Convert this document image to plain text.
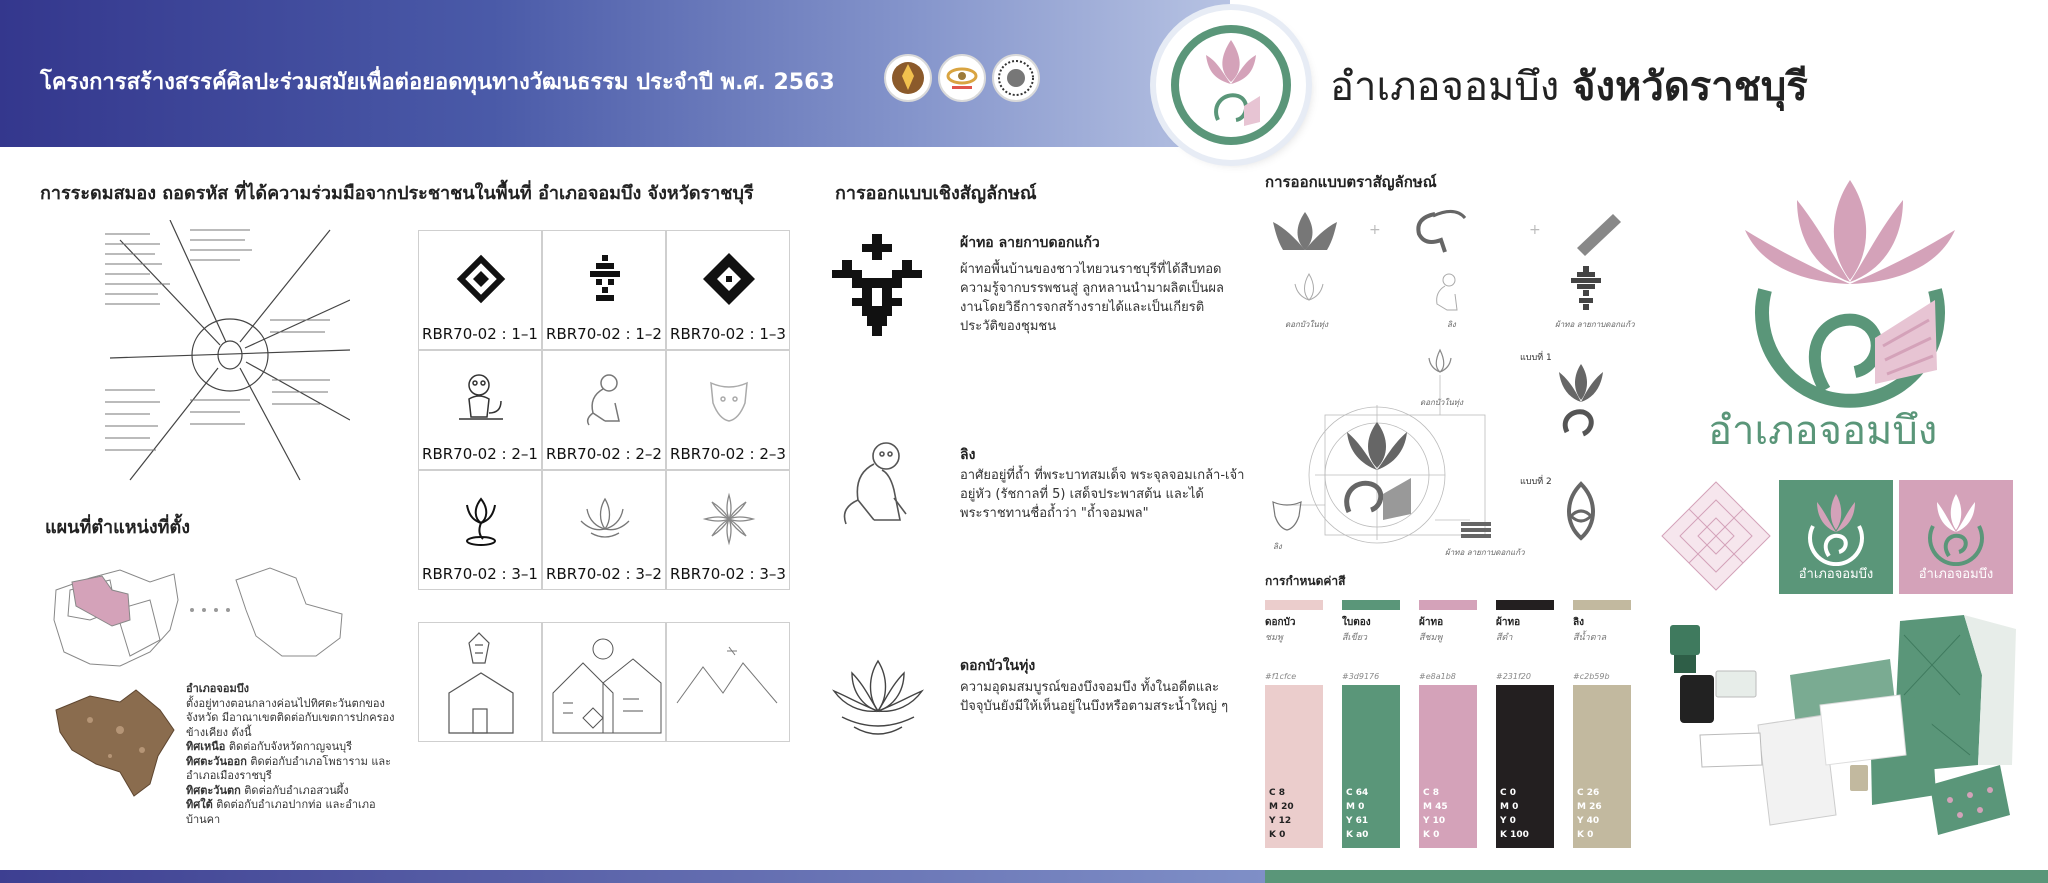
โครงการสร้างสรรค์ศิลปะร่วมสมัยเพื่อต่อยอดทุนทางวัฒนธรรม ประจำปี พ.ศ. 2563	อำเภอจอมบึง จังหวัดราชบุรี
การระดมสมอง ถอดรหัส ที่ได้ความร่วมมือจากประชาชนในพื้นที่ อำเภอจอมบึง จังหวัดราชบุรี
RBR70-02 : 1–1 RBR70-02 : 1–2 RBR70-02 : 1–3
RBR70-02 : 2–1 RBR70-02 : 2–2 RBR70-02 : 2–3
RBR70-02 : 3–1 RBR70-02 : 3–2 RBR70-02 : 3–3
แผนที่ตำแหน่งที่ตั้ง
อำเภอจอมบึง
ตั้งอยู่ทางตอนกลางค่อนไปทิศตะวันตกของจังหวัด มีอาณาเขตติดต่อกับเขตการปกครองข้างเคียง ดังนี้
ทิศเหนือ ติดต่อกับจังหวัดกาญจนบุรี
ทิศตะวันออก ติดต่อกับอำเภอโพธาราม และอำเภอเมืองราชบุรี
ทิศตะวันตก ติดต่อกับอำเภอสวนผึ้ง
ทิศใต้ ติดต่อกับอำเภอปากท่อ และอำเภอบ้านคา
การออกแบบเชิงสัญลักษณ์
ผ้าทอ ลายกาบดอกแก้ว
ผ้าทอพื้นบ้านของชาวไทยวนราชบุรีที่ได้สืบทอดความรู้จากบรรพชนสู่ ลูกหลานนำมาผลิตเป็นผลงานโดยวิธีการจกสร้างรายได้และเป็นเกียรติ ประวัติของชุมชน
ลิง
อาศัยอยู่ที่ถ้ำ ที่พระบาทสมเด็จ พระจุลจอมเกล้า-เจ้าอยู่หัว (รัชกาลที่ 5) เสด็จประพาสต้น และได้พระราชทานชื่อถ้ำว่า "ถ้ำจอมพล"
ดอกบัวในทุ่ง
ความอุดมสมบูรณ์ของบึงจอมบึง ทั้งในอดีตและปัจจุบันยังมีให้เห็นอยู่ในบึงหรือตามสระน้ำใหญ่ ๆ
การออกแบบตราสัญลักษณ์
+	+
ดอกบัวในทุ่ง	ลิง	ผ้าทอ ลายกาบดอกแก้ว
แบบที่ 1
ดอกบัวในทุ่ง
แบบที่ 2
ลิง
ผ้าทอ ลายกาบดอกแก้ว
การกำหนดค่าสี
ดอกบัว
ชมพู
#f1cfce
C 8
M 20
Y 12
K 0
ใบตอง
สีเขียว
#3d9176
C 64
M 0
Y 61
K a0
ผ้าทอ
สีชมพู
#e8a1b8
C 8
M 45
Y 10
K 0
ผ้าทอ
สีดำ
#231f20
C 0
M 0
Y 0
K 100
ลิง
สีน้ำตาล
#c2b59b
C 26
M 26
Y 40
K 0
อำเภอจอมบึง
อำเภอจอมบึง	อำเภอจอมบึง
